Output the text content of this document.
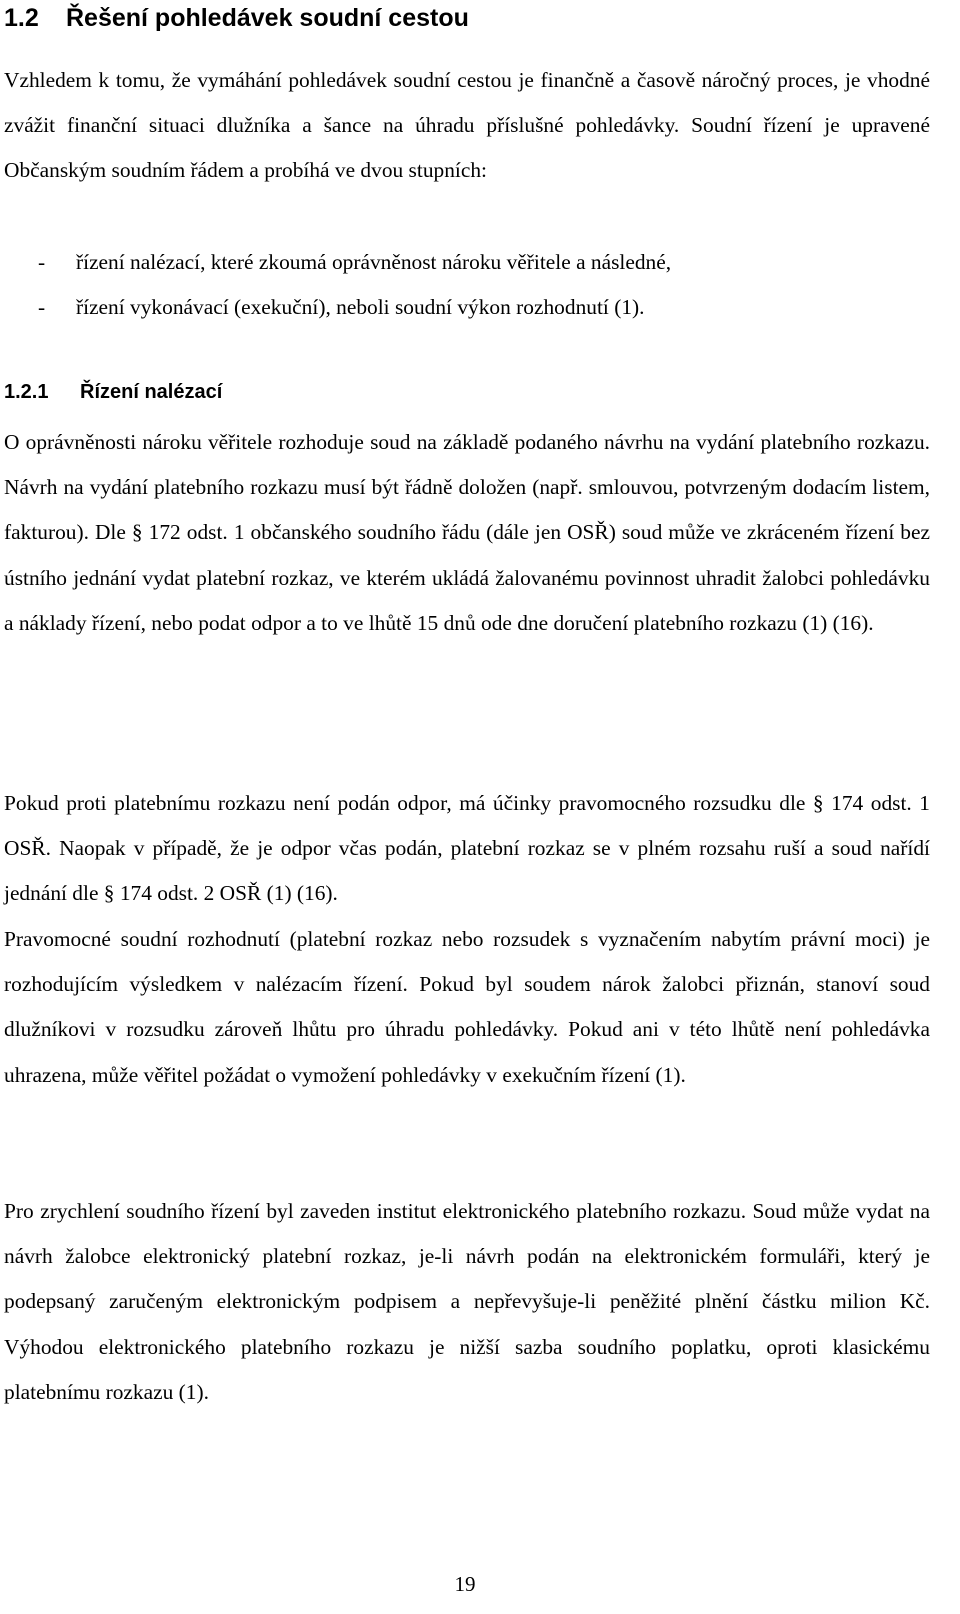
1.2 Řešení pohledávek soudní cestou

Vzhledem k tomu, že vymáhání pohledávek soudní cestou je finančně a časově náročný proces, je vhodné zvážit finanční situaci dlužníka a šance na úhradu příslušné pohledávky. Soudní řízení je upravené Občanským soudním řádem a probíhá ve dvou stupních:

- řízení nalézací, které zkoumá oprávněnost nároku věřitele a následné,
- řízení vykonávací (exekuční), neboli soudní výkon rozhodnutí (1).
1.2.1 Řízení nalézací

O oprávněnosti nároku věřitele rozhoduje soud na základě podaného návrhu na vydání platebního rozkazu. Návrh na vydání platebního rozkazu musí být řádně doložen (např. smlouvou, potvrzeným dodacím listem, fakturou). Dle § 172 odst. 1 občanského soudního řádu (dále jen OSŘ) soud může ve zkráceném řízení bez ústního jednání vydat platební rozkaz, ve kterém ukládá žalovanému povinnost uhradit žalobci pohledávku a náklady řízení, nebo podat odpor a to ve lhůtě 15 dnů ode dne doručení platebního rozkazu (1) (16).

Pokud proti platebnímu rozkazu není podán odpor, má účinky pravomocného rozsudku dle § 174 odst. 1 OSŘ. Naopak v případě, že je odpor včas podán, platební rozkaz se v plném rozsahu ruší a soud nařídí jednání dle § 174 odst. 2 OSŘ (1) (16).

Pravomocné soudní rozhodnutí (platební rozkaz nebo rozsudek s vyznačením nabytím právní moci) je rozhodujícím výsledkem v nalézacím řízení. Pokud byl soudem nárok žalobci přiznán, stanoví soud dlužníkovi v rozsudku zároveň lhůtu pro úhradu pohledávky. Pokud ani v této lhůtě není pohledávka uhrazena, může věřitel požádat o vymožení pohledávky v exekučním řízení (1).

Pro zrychlení soudního řízení byl zaveden institut elektronického platebního rozkazu. Soud může vydat na návrh žalobce elektronický platební rozkaz, je-li návrh podán na elektronickém formuláři, který je podepsaný zaručeným elektronickým podpisem a nepřevyšuje-li peněžité plnění částku milion Kč. Výhodou elektronického platebního rozkazu je nižší sazba soudního poplatku, oproti klasickému platebnímu rozkazu (1).

19
